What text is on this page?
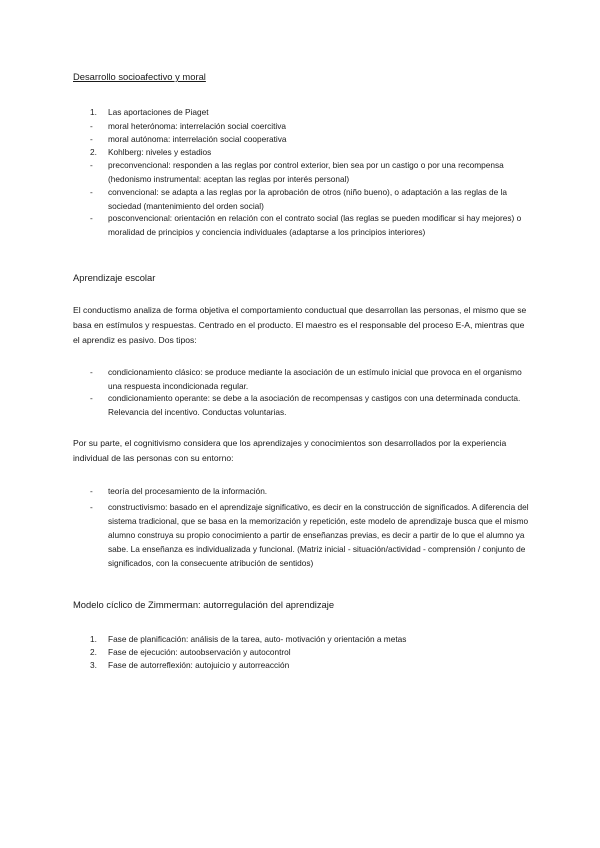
Desarrollo socioafectivo y moral

1.	Las aportaciones de Piaget
-	moral heterónoma: interrelación social coercitiva
-	moral autónoma: interrelación social cooperativa
2.	Kohlberg: niveles y estadios
-	preconvencional: responden a las reglas por control exterior, bien sea por un castigo o por una recompensa (hedonismo instrumental: aceptan las reglas por interés personal)
-	convencional: se adapta a las reglas por la aprobación de otros (niño bueno), o adaptación a las reglas de la sociedad (mantenimiento del orden social)
-	posconvencional: orientación en relación con el contrato social (las reglas se pueden modificar si hay mejores) o moralidad de principios y conciencia individuales (adaptarse a los principios interiores)

Aprendizaje escolar

El conductismo analiza de forma objetiva el comportamiento conductual que desarrollan las personas, el mismo que se basa en estímulos y respuestas. Centrado en el producto. El maestro es el responsable del proceso E-A, mientras que el aprendiz es pasivo. Dos tipos:

-	condicionamiento clásico: se produce mediante la asociación de un estímulo inicial que provoca en el organismo una respuesta incondicionada regular.
-	condicionamiento operante: se debe a la asociación de recompensas y castigos con una determinada conducta. Relevancia del incentivo. Conductas voluntarias.

Por su parte, el cognitivismo considera que los aprendizajes y conocimientos son desarrollados por la experiencia individual de las personas con su entorno:

-	teoría del procesamiento de la información.
-	constructivismo: basado en el aprendizaje significativo, es decir en la construcción de significados. A diferencia del sistema tradicional, que se basa en la memorización y repetición, este modelo de aprendizaje busca que el mismo alumno construya su propio conocimiento a partir de enseñanzas previas, es decir a partir de lo que el alumno ya sabe. La enseñanza es individualizada y funcional. (Matriz inicial - situación/actividad - comprensión / conjunto de significados, con la consecuente atribución de sentidos)

Modelo cíclico de Zimmerman: autorregulación del aprendizaje

1.	Fase de planificación: análisis de la tarea, auto- motivación y orientación a metas
2.	Fase de ejecución: autoobservación y autocontrol
3.	Fase de autorreflexión: autojuicio y autorreacción
